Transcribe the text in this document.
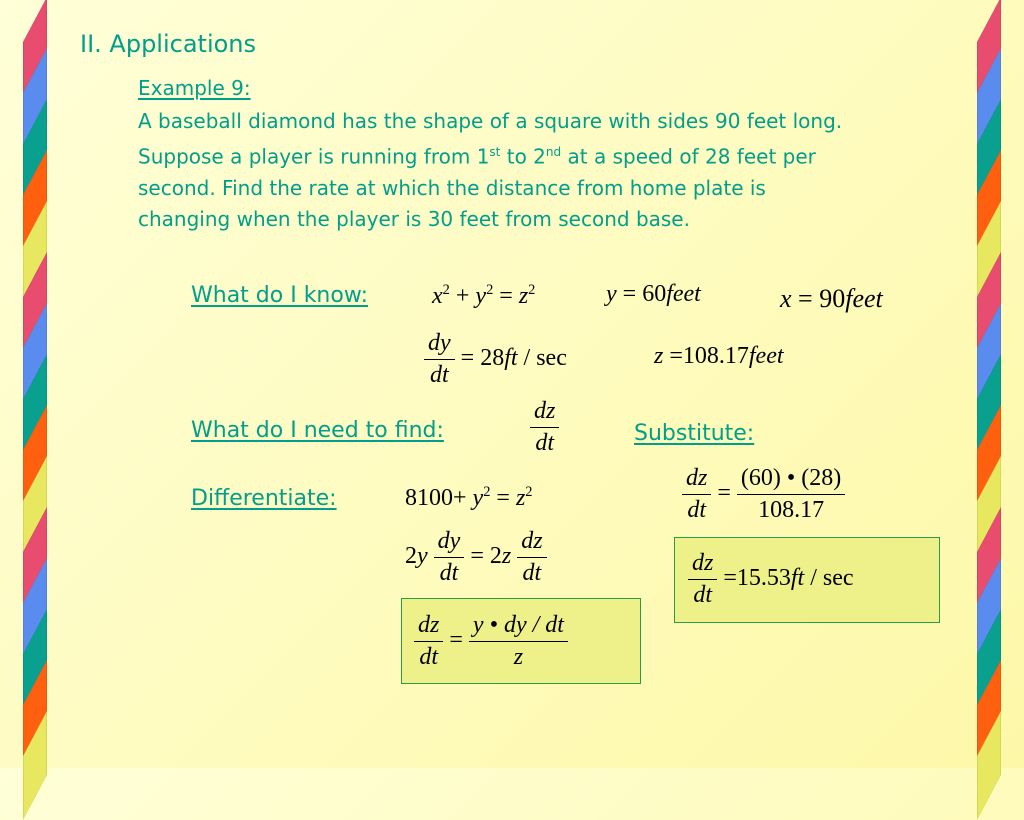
II. Applications
Example 9:
A baseball diamond has the shape of a square with sides 90 feet long.
Suppose a player is running from 1st to 2nd at a speed of 28 feet per
second. Find the rate at which the distance from home plate is
changing when the player is 30 feet from second base.
What do I know:
What do I need to find:
Differentiate:
Substitute:
$x^2 + y^2 = z^2$	y = 60feet	x = 90feet
$\frac{dy}{dt} = 28ft / \sec$	z =108.17feet
$\frac{dz}{dt}$
$8100+ y^2 = z^2$
$2y \frac{dy}{dt} = 2z \frac{dz}{dt}$
$\frac{dz}{dt} = \frac{y • dy / dt}{z}$
$\frac{dz}{dt} = \frac{(60) • (28)}{108.17}$
$\frac{dz}{dt} =15.53ft / \sec$
